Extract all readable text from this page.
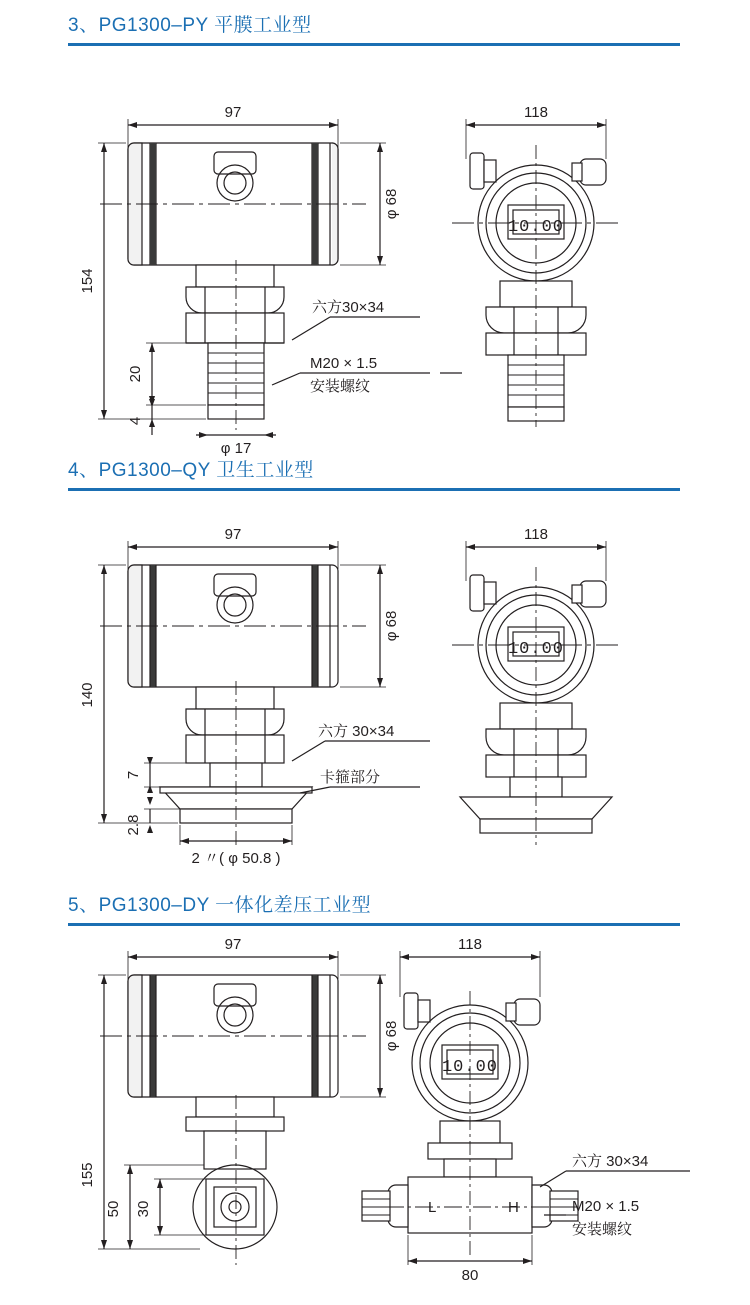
3、PG1300–PY 平膜工业型
10.00
97	118
φ 68
154
20
4
φ 17
六方30×34
M20 × 1.5
安装螺纹
4、PG1300–QY 卫生工业型
10.00
97	118
φ 68
140
7
2.8
2 〃( φ 50.8 )
六方 30×34
卡箍部分
5、PG1300–DY 一体化差压工业型
10.00
97	118
φ 68
155
50 30
80
六方 30×34
M20 × 1.5
安装螺纹
L	H
